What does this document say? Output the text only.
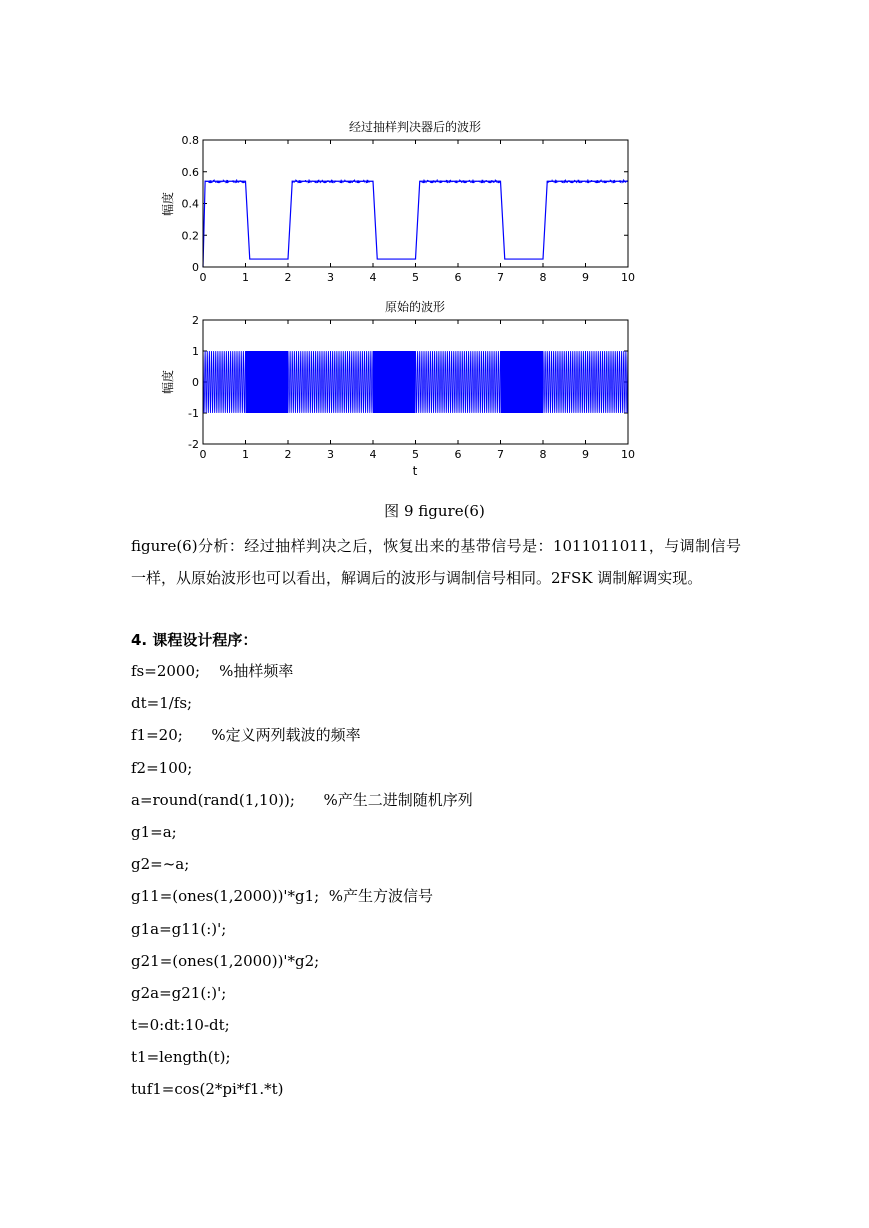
经过抽样判决器后的波形
幅度
0	1	2	3	4	5	6	7	8	9	10
0
0.2
0.4
0.6
0.8
原始的波形
幅度
t
0	1	2	3	4	5	6	7	8	9	10
-2
-1
0
1
2
图 9 figure(6)
figure(6)分析：经过抽样判决之后，恢复出来的基带信号是：1011011011，与调制信号一样，从原始波形也可以看出，解调后的波形与调制信号相同。2FSK 调制解调实现。
4. 课程设计程序：
fs=2000;    %抽样频率
dt=1/fs;
f1=20;      %定义两列载波的频率
f2=100;
a=round(rand(1,10));      %产生二进制随机序列
g1=a;
g2=~a;
g11=(ones(1,2000))'*g1;  %产生方波信号
g1a=g11(:)';
g21=(ones(1,2000))'*g2;
g2a=g21(:)';
t=0:dt:10-dt;
t1=length(t);
tuf1=cos(2*pi*f1.*t)
